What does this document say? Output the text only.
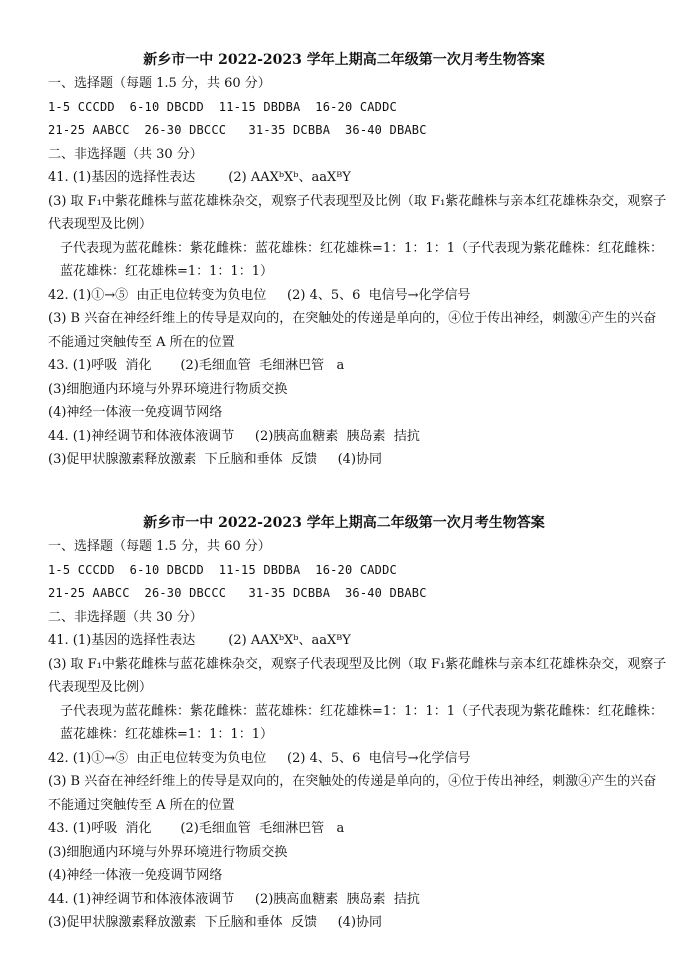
新乡市一中 2022-2023 学年上期高二年级第一次月考生物答案
一、选择题（每题 1.5 分，共 60 分）
1-5 CCCDD  6-10 DBCDD  11-15 DBDBA  16-20 CADDC
21-25 AABCC  26-30 DBCCC   31-35 DCBBA  36-40 DBABC
二、非选择题（共 30 分）
41. (1)基因的选择性表达        (2) AAXᵇXᵇ、aaXᴮY
(3) 取 F₁中紫花雌株与蓝花雄株杂交，观察子代表现型及比例（取 F₁紫花雌株与亲本红花雄株杂交，观察子代表现型及比例）
子代表现为蓝花雌株：紫花雌株：蓝花雄株：红花雄株=1：1：1：1（子代表现为紫花雌株：红花雌株：蓝花雄株：红花雄株=1：1：1：1）
42. (1)①→⑤  由正电位转变为负电位     (2) 4、5、6  电信号→化学信号
(3) B 兴奋在神经纤维上的传导是双向的，在突触处的传递是单向的，④位于传出神经，刺激④产生的兴奋不能通过突触传至 A 所在的位置
43. (1)呼吸  消化       (2)毛细血管  毛细淋巴管   a
(3)细胞通内环境与外界环境进行物质交换
(4)神经一体液一免疫调节网络
44. (1)神经调节和体液体液调节     (2)胰高血糖素  胰岛素  拮抗
(3)促甲状腺激素释放激素  下丘脑和垂体  反馈     (4)协同
新乡市一中 2022-2023 学年上期高二年级第一次月考生物答案
一、选择题（每题 1.5 分，共 60 分）
1-5 CCCDD  6-10 DBCDD  11-15 DBDBA  16-20 CADDC
21-25 AABCC  26-30 DBCCC   31-35 DCBBA  36-40 DBABC
二、非选择题（共 30 分）
41. (1)基因的选择性表达        (2) AAXᵇXᵇ、aaXᴮY
(3) 取 F₁中紫花雌株与蓝花雄株杂交，观察子代表现型及比例（取 F₁紫花雌株与亲本红花雄株杂交，观察子代表现型及比例）
子代表现为蓝花雌株：紫花雌株：蓝花雄株：红花雄株=1：1：1：1（子代表现为紫花雌株：红花雌株：蓝花雄株：红花雄株=1：1：1：1）
42. (1)①→⑤  由正电位转变为负电位     (2) 4、5、6  电信号→化学信号
(3) B 兴奋在神经纤维上的传导是双向的，在突触处的传递是单向的，④位于传出神经，刺激④产生的兴奋不能通过突触传至 A 所在的位置
43. (1)呼吸  消化       (2)毛细血管  毛细淋巴管   a
(3)细胞通内环境与外界环境进行物质交换
(4)神经一体液一免疫调节网络
44. (1)神经调节和体液体液调节     (2)胰高血糖素  胰岛素  拮抗
(3)促甲状腺激素释放激素  下丘脑和垂体  反馈     (4)协同
